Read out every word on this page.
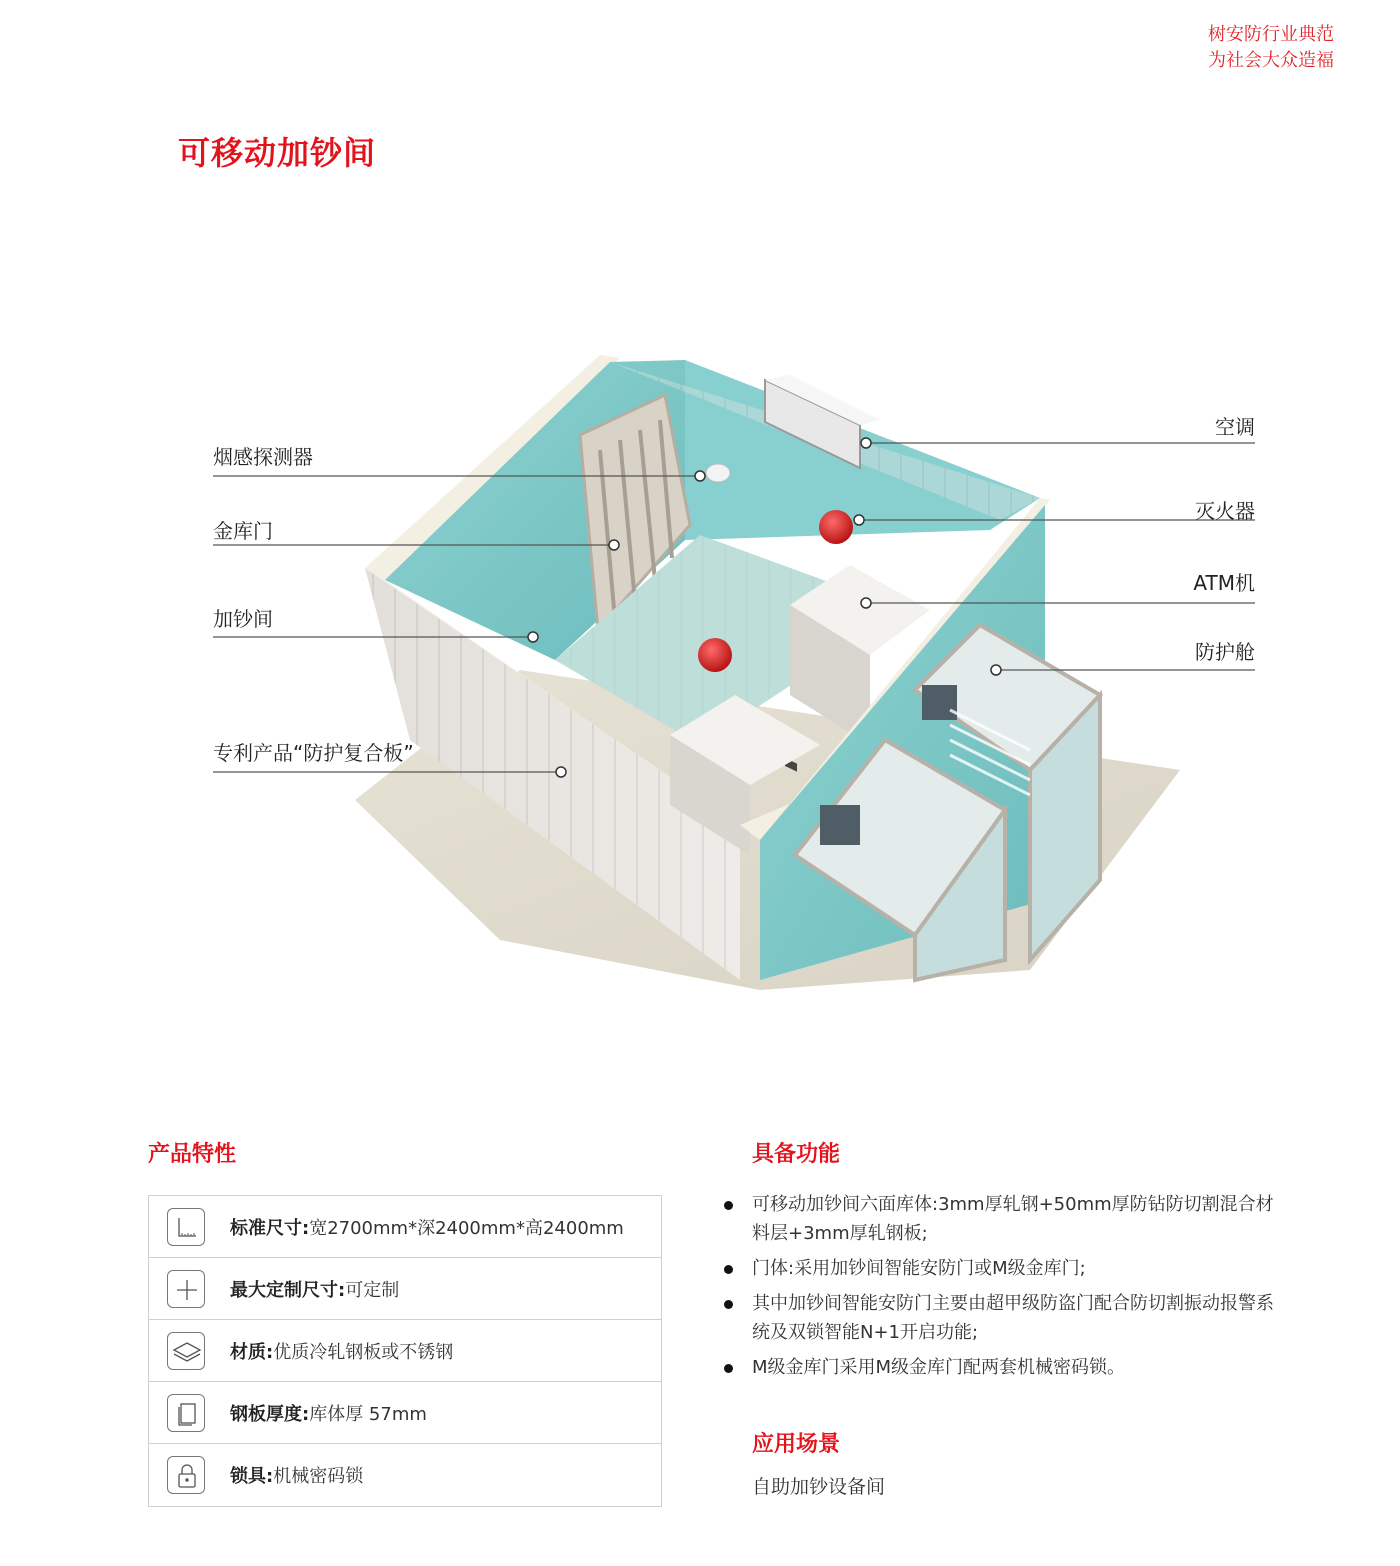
树安防行业典范
为社会大众造福
可移动加钞间
烟感探测器
金库门
加钞间
专利产品“防护复合板”
空调
灭火器
ATM机
防护舱
产品特性
标准尺寸:宽2700mm*深2400mm*高2400mm
最大定制尺寸:可定制
材质:优质冷轧钢板或不锈钢
钢板厚度:库体厚 57mm
锁具:机械密码锁
具备功能
可移动加钞间六面库体:3mm厚轧钢+50mm厚防钻防切割混合材料层+3mm厚轧钢板;
门体:采用加钞间智能安防门或M级金库门;
其中加钞间智能安防门主要由超甲级防盗门配合防切割振动报警系统及双锁智能N+1开启功能;
M级金库门采用M级金库门配两套机械密码锁。
应用场景
自助加钞设备间
